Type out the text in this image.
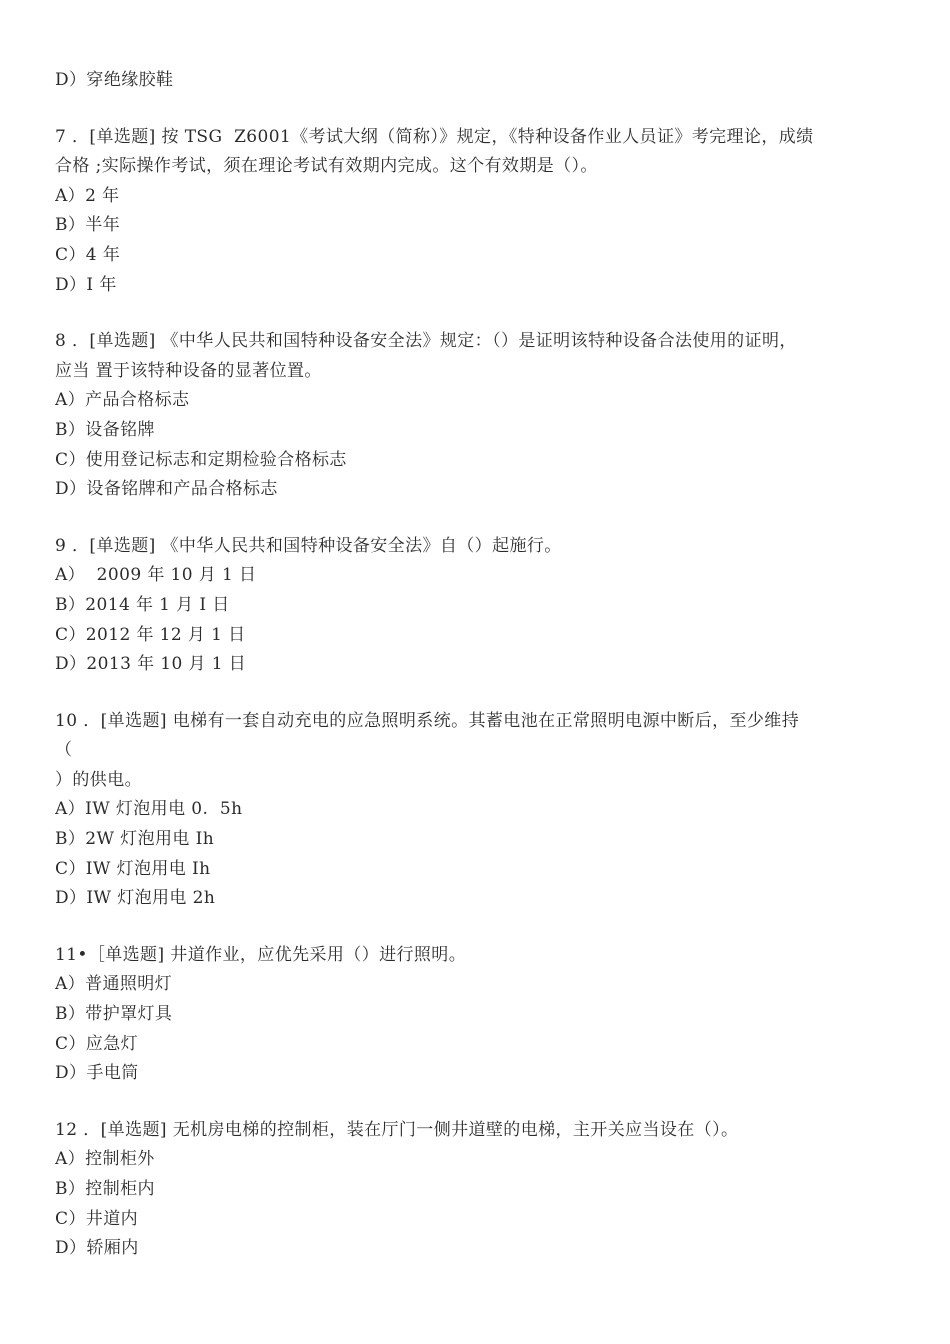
D）穿绝缘胶鞋
7 ．[单选题] 按 TSG  Z6001《考试大纲（简称）》规定，《特种设备作业人员证》考完理论，成绩
合格 ;实际操作考试，须在理论考试有效期内完成。这个有效期是（）。
A）2 年
B）半年
C）4 年
D）I 年
8 ．[单选题] 《中华人民共和国特种设备安全法》规定：（）是证明该特种设备合法使用的证明，
应当 置于该特种设备的显著位置。
A）产品合格标志
B）设备铭牌
C）使用登记标志和定期检验合格标志
D）设备铭牌和产品合格标志
9 ．[单选题] 《中华人民共和国特种设备安全法》自（）起施行。
A）  2009 年 10 月 1 日
B）2014 年 1 月 I 日
C）2012 年 12 月 1 日
D）2013 年 10 月 1 日
10 ．[单选题] 电梯有一套自动充电的应急照明系统。其蓄电池在正常照明电源中断后，至少维持
（
）的供电。
A）IW 灯泡用电 0.  5h
B）2W 灯泡用电 Ih
C）IW 灯泡用电 Ih
D）IW 灯泡用电 2h
11•［单选题] 井道作业，应优先采用（）进行照明。
A）普通照明灯
B）带护罩灯具
C）应急灯
D）手电筒
12 ．[单选题] 无机房电梯的控制柜，装在厅门一侧井道壁的电梯，主开关应当设在（）。
A）控制柜外
B）控制柜内
C）井道内
D）轿厢内
